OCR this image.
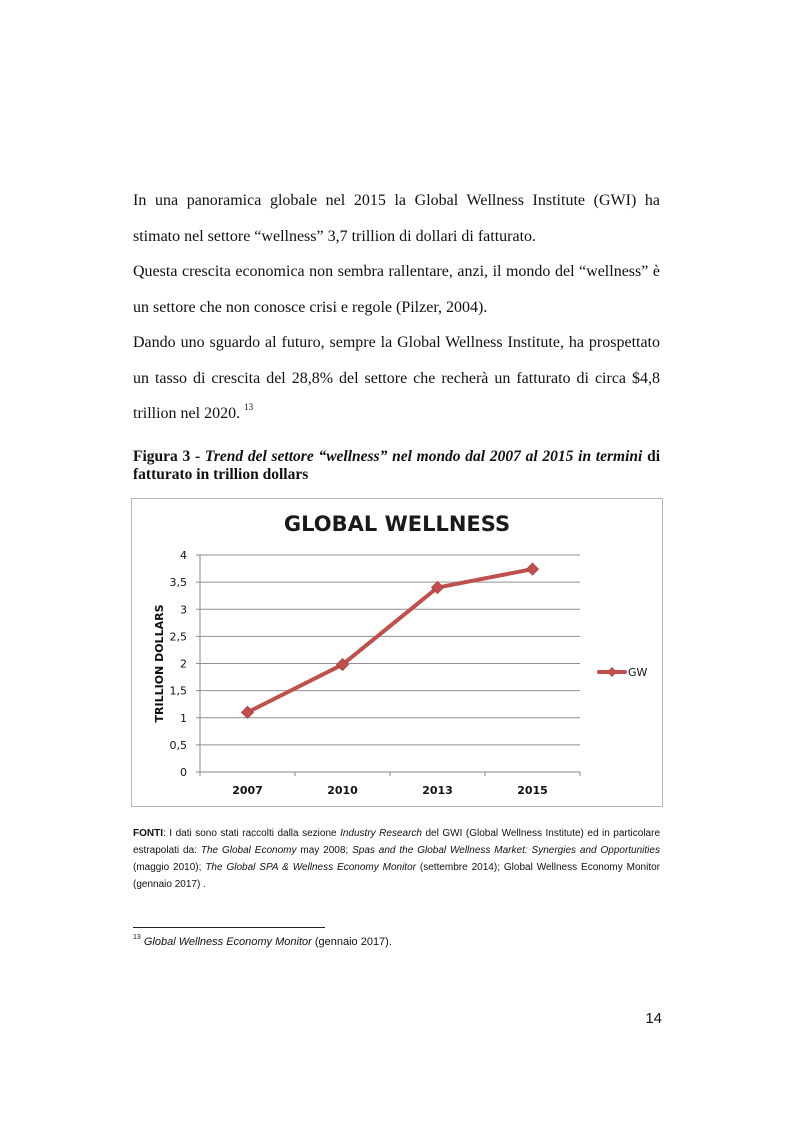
In una panoramica globale nel 2015 la Global Wellness Institute (GWI) ha stimato nel settore “wellness” 3,7 trillion di dollari di fatturato.

Questa crescita economica non sembra rallentare, anzi, il mondo del “wellness” è un settore che non conosce crisi e regole (Pilzer, 2004).

Dando uno sguardo al futuro, sempre la Global Wellness Institute, ha prospettato un tasso di crescita del 28,8% del settore che recherà un fatturato di circa $4,8 trillion nel 2020. $^{13}$

Figura 3 - Trend del settore “wellness” nel mondo dal 2007 al 2015 in termini di fatturato in trillion dollars
GLOBAL WELLNESS
0
0,5
1
1,5
2
2,5
3
3,5
4
2007	2010	2013	2015
TRILLION DOLLARS	GW
FONTI: I dati sono stati raccolti dalla sezione Industry Research del GWI (Global Wellness Institute) ed in particolare estrapolati da: The Global Economy may 2008; Spas and the Global Wellness Market: Synergies and Opportunities (maggio 2010); The Global SPA & Wellness Economy Monitor (settembre 2014); Global Wellness Economy Monitor (gennaio 2017) .
$^{13}$ Global Wellness Economy Monitor (gennaio 2017).
14
